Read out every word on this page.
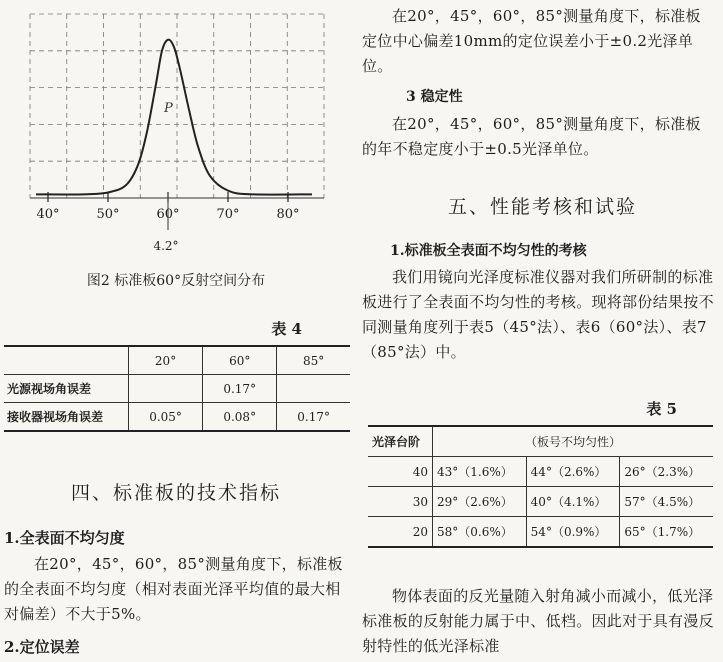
40°	50°	60°	70°	80°
P
4.2°
图2 标准板60°反射空间分布
表 4
	20°	60°	85°
光源视场角误差		0.17°	
接收器视场角误差	0.05°	0.08°	0.17°
四、标准板的技术指标
1.全表面不均匀度

在20°，45°，60°，85°测量角度下，标准板的全表面不均匀度（相对表面光泽平均值的最大相对偏差）不大于5%。

2.定位误差

在20°，45°，60°，85°测量角度下，标准板定位中心偏差10mm的定位误差小于±0.2光泽单位。

3 稳定性

在20°，45°，60°，85°测量角度下，标准板的年不稳定度小于±0.5光泽单位。

五、性能考核和试验
1.标准板全表面不均匀性的考核

我们用镜向光泽度标准仪器对我们所研制的标准板进行了全表面不均匀性的考核。现将部份结果按不同测量角度列于表5（45°法）、表6（60°法）、表7（85°法）中。

表 5
光泽台阶	（板号不均匀性）		
40	43°（1.6%）	44°（2.6%）	26°（2.3%）
30	29°（2.6%）	40°（4.1%）	57°（4.5%）
20	58°（0.6%）	54°（0.9%）	65°（1.7%）

物体表面的反光量随入射角减小而减小，低光泽标准板的反射能力属于中、低档。因此对于具有漫反射特性的低光泽标准
